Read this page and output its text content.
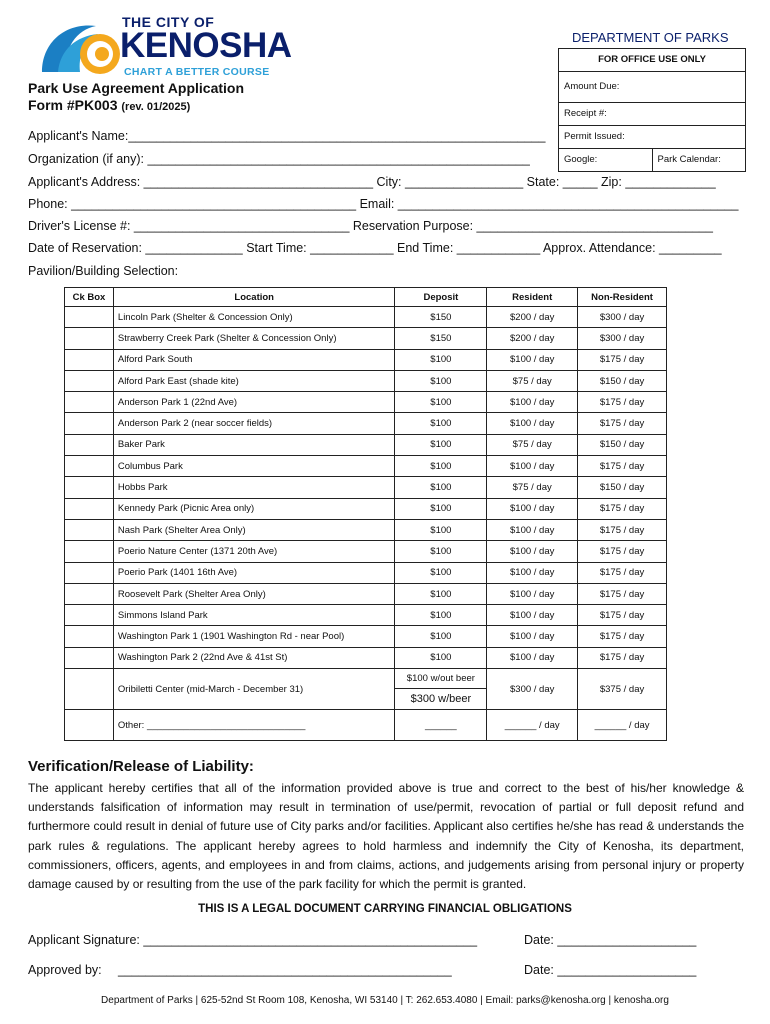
THE CITY OF
KENOSHA
CHART A BETTER COURSE
DEPARTMENT OF PARKS
FOR OFFICE USE ONLY
Amount Due:
Receipt #:
Permit Issued:
Google:	Park Calendar:
Park Use Agreement Application
Form #PK003 (rev. 01/2025)
Applicant's Name:____________________________________________________________
Organization (if any): _______________________________________________________
Applicant's Address: _________________________________ City: _________________ State: _____ Zip: _____________
Phone: _________________________________________ Email: _________________________________________________
Driver's License #: _______________________________ Reservation Purpose: __________________________________
Date of Reservation: ______________ Start Time: ____________ End Time: ____________ Approx. Attendance: _________
Pavilion/Building Selection:
Ck Box	Location	Deposit	Resident	Non-Resident
	Lincoln Park (Shelter & Concession Only)	$150	$200 / day	$300 / day
	Strawberry Creek Park (Shelter & Concession Only)	$150	$200 / day	$300 / day
	Alford Park South	$100	$100 / day	$175 / day
	Alford Park East (shade kite)	$100	$75 / day	$150 / day
	Anderson Park 1 (22nd Ave)	$100	$100 / day	$175 / day
	Anderson Park 2 (near soccer fields)	$100	$100 / day	$175 / day
	Baker Park	$100	$75 / day	$150 / day
	Columbus Park	$100	$100 / day	$175 / day
	Hobbs Park	$100	$75 / day	$150 / day
	Kennedy Park (Picnic Area only)	$100	$100 / day	$175 / day
	Nash Park (Shelter Area Only)	$100	$100 / day	$175 / day
	Poerio Nature Center (1371 20th Ave)	$100	$100 / day	$175 / day
	Poerio Park (1401 16th Ave)	$100	$100 / day	$175 / day
	Roosevelt Park (Shelter Area Only)	$100	$100 / day	$175 / day
	Simmons Island Park	$100	$100 / day	$175 / day
	Washington Park 1 (1901 Washington Rd - near Pool)	$100	$100 / day	$175 / day
	Washington Park 2 (22nd Ave & 41st St)	$100	$100 / day	$175 / day
	Oribiletti Center (mid-March - December 31)	$100 w/out beer
$300 w/beer	$300 / day	$375 / day
	Other: ______________________________	______	______ / day	______ / day
Verification/Release of Liability:
The applicant hereby certifies that all of the information provided above is true and correct to the best of his/her knowledge & understands falsification of information may result in termination of use/permit, revocation of partial or full deposit refund and furthermore could result in denial of future use of City parks and/or facilities. Applicant also certifies he/she has read & understands the park rules & regulations. The applicant hereby agrees to hold harmless and indemnify the City of Kenosha, its department, commissioners, officers, agents, and employees in and from claims, actions, and judgements arising from personal injury or property damage caused by or resulting from the use of the park facility for which the permit is granted.
THIS IS A LEGAL DOCUMENT CARRYING FINANCIAL OBLIGATIONS
Applicant Signature: ________________________________________________	Date: ____________________
Approved by: ________________________________________________	Date: ____________________
Department of Parks | 625-52nd St Room 108, Kenosha, WI 53140 | T: 262.653.4080 | Email: parks@kenosha.org | kenosha.org
